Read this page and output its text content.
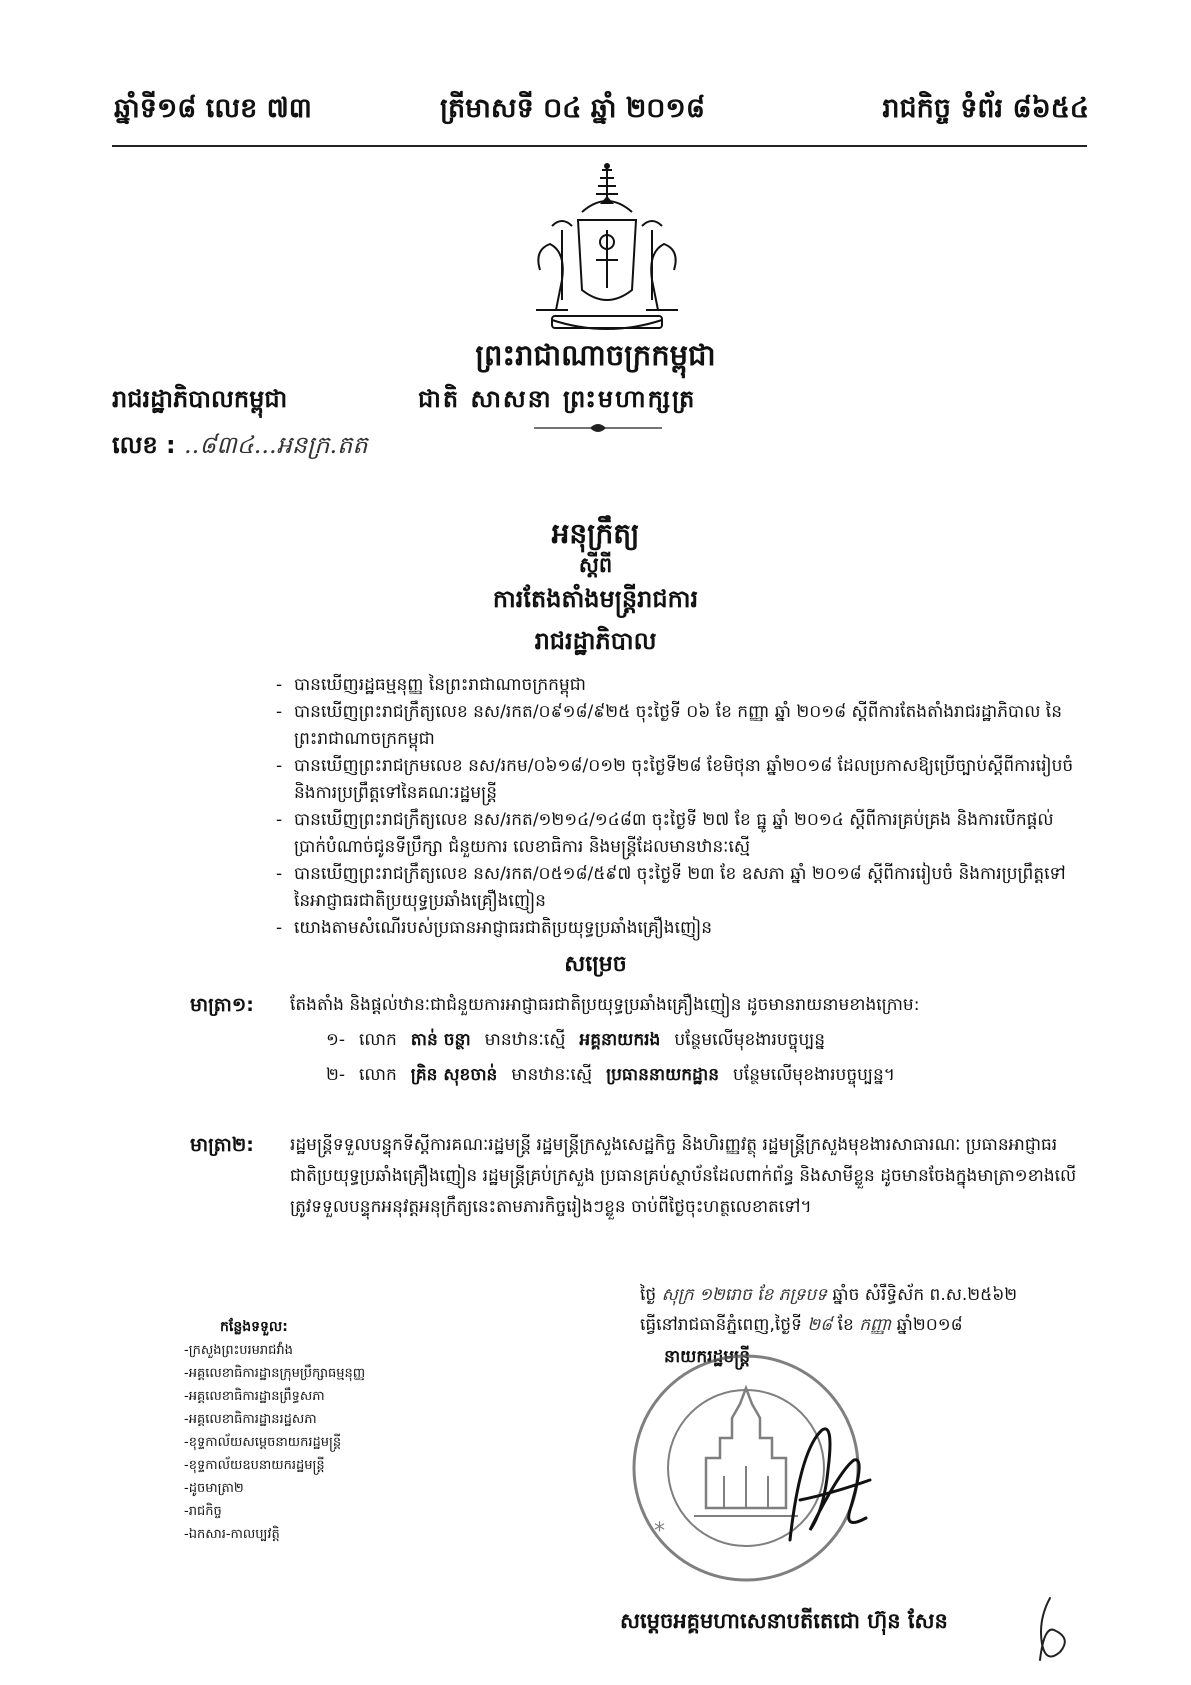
ឆ្នាំទី១៨ លេខ ៧៣	ត្រីមាសទី ០៤ ឆ្នាំ ២០១៨	រាជកិច្ច ទំព័រ ៨៦៥៤
ព្រះរាជាណាចក្រកម្ពុជា
រាជរដ្ឋាភិបាលកម្ពុជា	ជាតិ សាសនា ព្រះមហាក្សត្រ
លេខ : ..៨៣៤...អនក្រ.តត
អនុក្រឹត្យ
ស្តីពី
ការតែងតាំងមន្ត្រីរាជការ
រាជរដ្ឋាភិបាល
- បានឃើញរដ្ឋធម្មនុញ្ញ នៃព្រះរាជាណាចក្រកម្ពុជា
- បានឃើញព្រះរាជក្រឹត្យលេខ នស/រកត/០៩១៨/៩២៥ ចុះថ្ងៃទី ០៦ ខែ កញ្ញា ឆ្នាំ ២០១៨ ស្តីពីការតែងតាំងរាជរដ្ឋាភិបាល នៃព្រះរាជាណាចក្រកម្ពុជា
- បានឃើញព្រះរាជក្រមលេខ នស/រកម/០៦១៨/០១២ ចុះថ្ងៃទី២៨ ខែមិថុនា ឆ្នាំ២០១៨ ដែលប្រកាសឱ្យប្រើច្បាប់ស្តីពីការរៀបចំ និងការប្រព្រឹត្តទៅនៃគណៈរដ្ឋមន្ត្រី
- បានឃើញព្រះរាជក្រឹត្យលេខ នស/រកត/១២១៤/១៤៨៣ ចុះថ្ងៃទី ២៧ ខែ ធ្នូ ឆ្នាំ ២០១៤ ស្តីពីការគ្រប់គ្រង និងការបើកផ្តល់ប្រាក់បំណាច់ជូនទីប្រឹក្សា ជំនួយការ លេខាធិការ និងមន្ត្រីដែលមានឋានៈស្មើ
- បានឃើញព្រះរាជក្រឹត្យលេខ នស/រកត/០៥១៨/៥៩៧ ចុះថ្ងៃទី ២៣ ខែ ឧសភា ឆ្នាំ ២០១៨ ស្តីពីការរៀបចំ និងការប្រព្រឹត្តទៅ នៃអាជ្ញាធរជាតិប្រយុទ្ធប្រឆាំងគ្រឿងញៀន
- យោងតាមសំណើរបស់ប្រធានអាជ្ញាធរជាតិប្រយុទ្ធប្រឆាំងគ្រឿងញៀន
សម្រេច
មាត្រា១: តែងតាំង និងផ្តល់ឋានៈជាជំនួយការអាជ្ញាធរជាតិប្រយុទ្ធប្រឆាំងគ្រឿងញៀន ដូចមានរាយនាមខាងក្រោម:
១- លោក តាន់ ចន្ថា មានឋានៈស្មើ អគ្គនាយករង បន្ថែមលើមុខងារបច្ចុប្បន្ន
២- លោក គ្រិន សុខចាន់ មានឋានៈស្មើ ប្រធាននាយកដ្ឋាន បន្ថែមលើមុខងារបច្ចុប្បន្ន។
មាត្រា២: រដ្ឋមន្ត្រីទទួលបន្ទុកទីស្តីការគណៈរដ្ឋមន្ត្រី រដ្ឋមន្ត្រីក្រសួងសេដ្ឋកិច្ច និងហិរញ្ញវត្ថុ រដ្ឋមន្ត្រីក្រសួងមុខងារសាធារណៈ ប្រធានអាជ្ញាធរជាតិប្រយុទ្ធប្រឆាំងគ្រឿងញៀន រដ្ឋមន្ត្រីគ្រប់ក្រសួង ប្រធានគ្រប់ស្ថាប័នដែលពាក់ព័ន្ធ និងសាមីខ្លួន ដូចមានចែងក្នុងមាត្រា១ខាងលើ ត្រូវទទួលបន្ទុកអនុវត្តអនុក្រឹត្យនេះតាមភារកិច្ចរៀងៗខ្លួន ចាប់ពីថ្ងៃចុះហត្ថលេខាតទៅ។
ថ្ងៃ សុក្រ ១២រោច ខែ ភទ្របទ ឆ្នាំច សំរឹទ្ធិស័ក ព.ស.២៥៦២
ធ្វើនៅរាជធានីភ្នំពេញ,ថ្ងៃទី ២៨ ខែ កញ្ញា ឆ្នាំ២០១៨
នាយករដ្ឋមន្ត្រី
កន្លែងទទួល:
-ក្រសួងព្រះបរមរាជវាំង
-អគ្គលេខាធិការដ្ឋានក្រុមប្រឹក្សាធម្មនុញ្ញ
-អគ្គលេខាធិការដ្ឋានព្រឹទ្ធសភា
-អគ្គលេខាធិការដ្ឋានរដ្ឋសភា
-ខុទ្ទកាល័យសម្តេចនាយករដ្ឋមន្ត្រី
-ខុទ្ទកាល័យឧបនាយករដ្ឋមន្ត្រី
-ដូចមាត្រា២
-រាជកិច្ច
-ឯកសារ-កាលប្បវត្តិ	*
សម្តេចអគ្គមហាសេនាបតីតេជោ ហ៊ុន សែន
